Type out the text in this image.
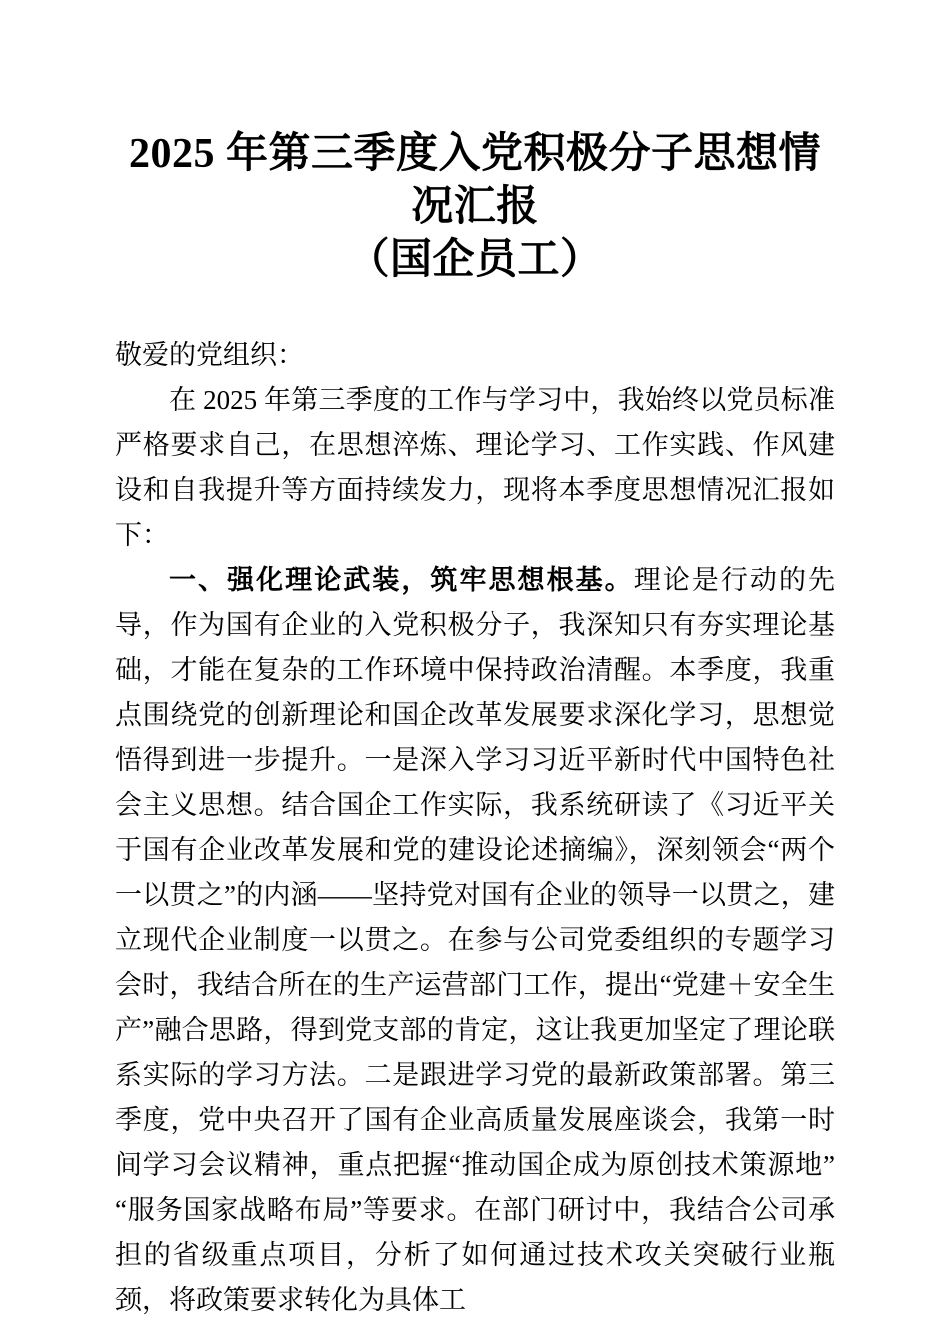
2025 年第三季度入党积极分子思想情况汇报
（国企员工）

敬爱的党组织：

在 2025 年第三季度的工作与学习中，我始终以党员标准严格要求自己，在思想淬炼、理论学习、工作实践、作风建设和自我提升等方面持续发力，现将本季度思想情况汇报如下：

一、强化理论武装，筑牢思想根基。理论是行动的先导，作为国有企业的入党积极分子，我深知只有夯实理论基础，才能在复杂的工作环境中保持政治清醒。本季度，我重点围绕党的创新理论和国企改革发展要求深化学习，思想觉悟得到进一步提升。一是深入学习习近平新时代中国特色社会主义思想。结合国企工作实际，我系统研读了《习近平关于国有企业改革发展和党的建设论述摘编》，深刻领会“两个一以贯之”的内涵——坚持党对国有企业的领导一以贯之，建立现代企业制度一以贯之。在参与公司党委组织的专题学习会时，我结合所在的生产运营部门工作，提出“党建＋安全生产”融合思路，得到党支部的肯定，这让我更加坚定了理论联系实际的学习方法。二是跟进学习党的最新政策部署。第三季度，党中央召开了国有企业高质量发展座谈会，我第一时间学习会议精神，重点把握“推动国企成为原创技术策源地”“服务国家战略布局”等要求。在部门研讨中，我结合公司承担的省级重点项目，分析了如何通过技术攻关突破行业瓶颈，将政策要求转化为具体工
